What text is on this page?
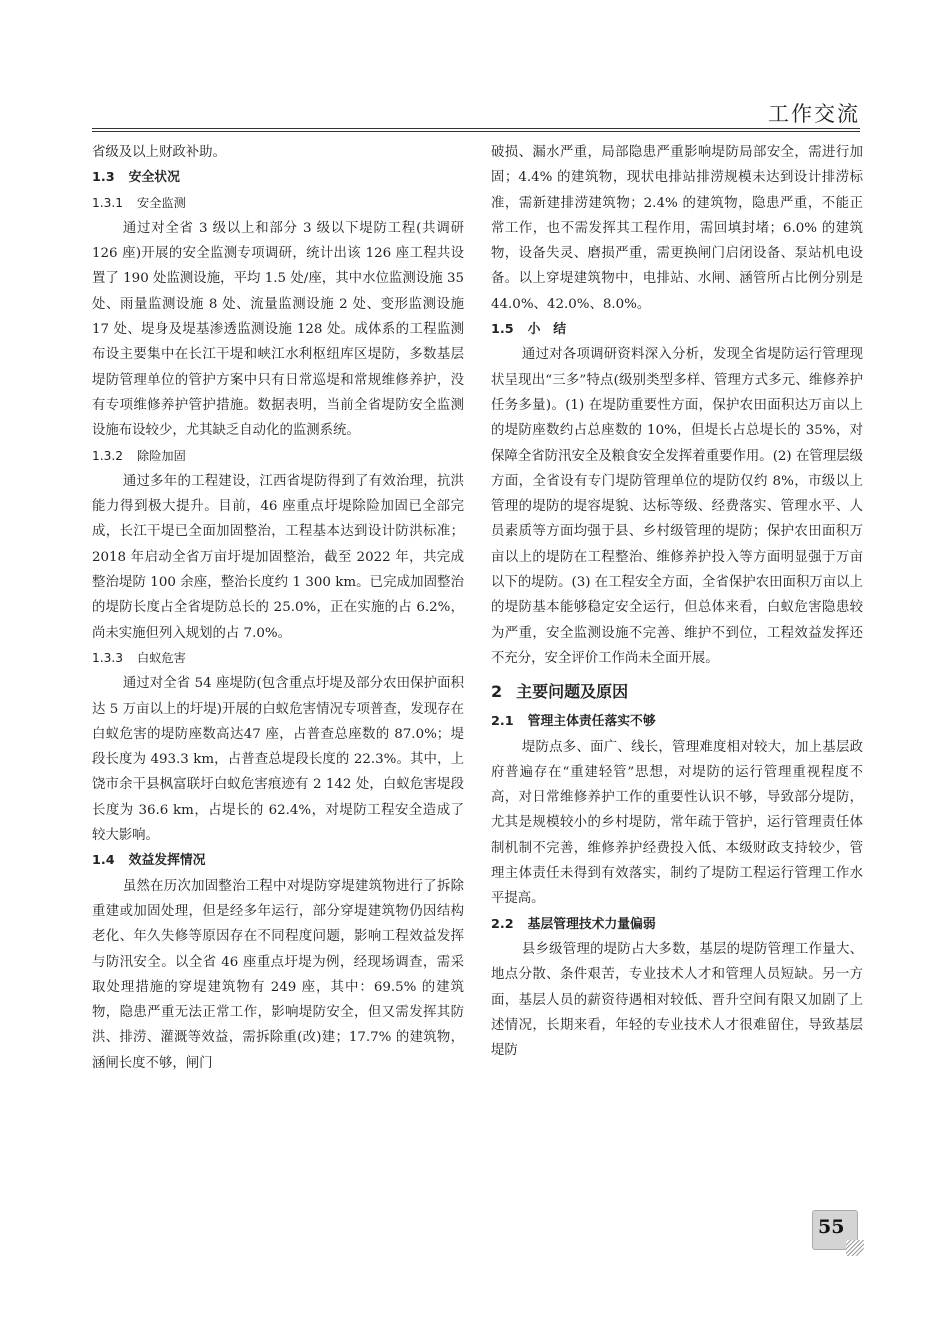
工作交流

省级及以上财政补助。

1.3 安全状况
1.3.1 安全监测

通过对全省 3 级以上和部分 3 级以下堤防工程(共调研 126 座)开展的安全监测专项调研，统计出该 126 座工程共设置了 190 处监测设施，平均 1.5 处/座，其中水位监测设施 35 处、雨量监测设施 8 处、流量监测设施 2 处、变形监测设施 17 处、堤身及堤基渗透监测设施 128 处。成体系的工程监测布设主要集中在长江干堤和峡江水利枢纽库区堤防，多数基层堤防管理单位的管护方案中只有日常巡堤和常规维修养护，没有专项维修养护管护措施。数据表明，当前全省堤防安全监测设施布设较少，尤其缺乏自动化的监测系统。

1.3.2 除险加固

通过多年的工程建设，江西省堤防得到了有效治理，抗洪能力得到极大提升。目前，46 座重点圩堤除险加固已全部完成，长江干堤已全面加固整治，工程基本达到设计防洪标准；2018 年启动全省万亩圩堤加固整治，截至 2022 年，共完成整治堤防 100 余座，整治长度约 1 300 km。已完成加固整治的堤防长度占全省堤防总长的 25.0%，正在实施的占 6.2%，尚未实施但列入规划的占 7.0%。

1.3.3 白蚁危害

通过对全省 54 座堤防(包含重点圩堤及部分农田保护面积达 5 万亩以上的圩堤)开展的白蚁危害情况专项普查，发现存在白蚁危害的堤防座数高达47 座，占普查总座数的 87.0%；堤段长度为 493.3 km，占普查总堤段长度的 22.3%。其中，上饶市余干县枫富联圩白蚁危害痕迹有 2 142 处，白蚁危害堤段长度为 36.6 km，占堤长的 62.4%，对堤防工程安全造成了较大影响。

1.4 效益发挥情况

虽然在历次加固整治工程中对堤防穿堤建筑物进行了拆除重建或加固处理，但是经多年运行，部分穿堤建筑物仍因结构老化、年久失修等原因存在不同程度问题，影响工程效益发挥与防汛安全。以全省 46 座重点圩堤为例，经现场调查，需采取处理措施的穿堤建筑物有 249 座，其中：69.5% 的建筑物，隐患严重无法正常工作，影响堤防安全，但又需发挥其防洪、排涝、灌溉等效益，需拆除重(改)建；17.7% 的建筑物，涵闸长度不够，闸门

破损、漏水严重，局部隐患严重影响堤防局部安全，需进行加固；4.4% 的建筑物，现状电排站排涝规模未达到设计排涝标准，需新建排涝建筑物；2.4% 的建筑物，隐患严重，不能正常工作，也不需发挥其工程作用，需回填封堵；6.0% 的建筑物，设备失灵、磨损严重，需更换闸门启闭设备、泵站机电设备。以上穿堤建筑物中，电排站、水闸、涵管所占比例分别是 44.0%、42.0%、8.0%。

1.5 小　结

通过对各项调研资料深入分析，发现全省堤防运行管理现状呈现出“三多”特点(级别类型多样、管理方式多元、维修养护任务多量)。(1) 在堤防重要性方面，保护农田面积达万亩以上的堤防座数约占总座数的 10%，但堤长占总堤长的 35%，对保障全省防汛安全及粮食安全发挥着重要作用。(2) 在管理层级方面，全省设有专门堤防管理单位的堤防仅约 8%，市级以上管理的堤防的堤容堤貌、达标等级、经费落实、管理水平、人员素质等方面均强于县、乡村级管理的堤防；保护农田面积万亩以上的堤防在工程整治、维修养护投入等方面明显强于万亩以下的堤防。(3) 在工程安全方面，全省保护农田面积万亩以上的堤防基本能够稳定安全运行，但总体来看，白蚁危害隐患较为严重，安全监测设施不完善、维护不到位，工程效益发挥还不充分，安全评价工作尚未全面开展。

2 主要问题及原因
2.1 管理主体责任落实不够

堤防点多、面广、线长，管理难度相对较大，加上基层政府普遍存在“重建轻管”思想，对堤防的运行管理重视程度不高，对日常维修养护工作的重要性认识不够，导致部分堤防，尤其是规模较小的乡村堤防，常年疏于管护，运行管理责任体制机制不完善，维修养护经费投入低、本级财政支持较少，管理主体责任未得到有效落实，制约了堤防工程运行管理工作水平提高。

2.2 基层管理技术力量偏弱

县乡级管理的堤防占大多数，基层的堤防管理工作量大、地点分散、条件艰苦，专业技术人才和管理人员短缺。另一方面，基层人员的薪资待遇相对较低、晋升空间有限又加剧了上述情况，长期来看，年轻的专业技术人才很难留住，导致基层堤防

55
